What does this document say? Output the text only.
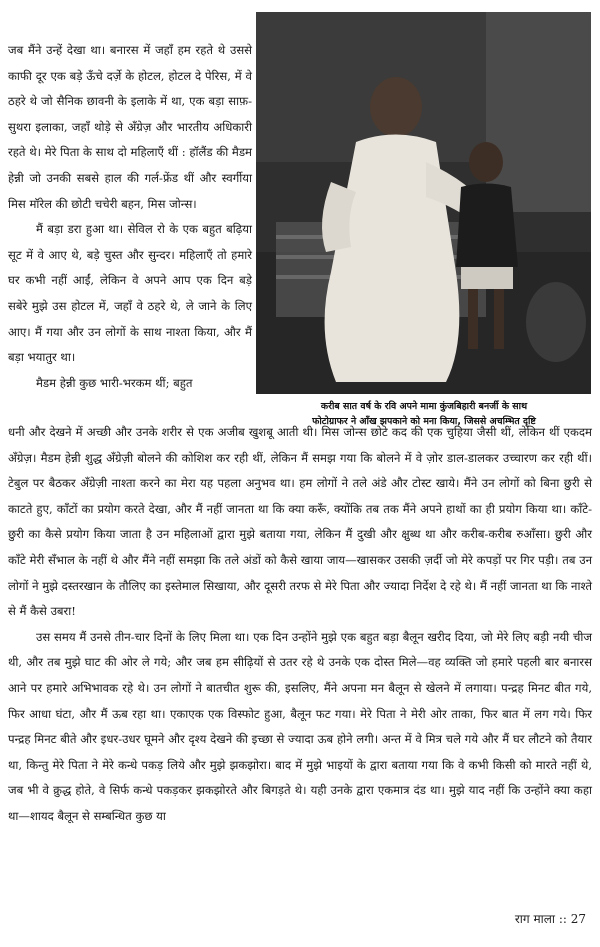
जब मैंने उन्हें देखा था। बनारस में जहाँ हम रहते थे उससे काफी दूर एक बड़े ऊँचे दर्ज़े के होटल, होटल दे पेरिस, में वे ठहरे थे जो सैनिक छावनी के इलाके में था, एक बड़ा साफ़-सुथरा इलाका, जहाँ थोड़े से अँग्रेज़ और भारतीय अधिकारी रहते थे। मेरे पिता के साथ दो महिलाएँ थीं : हॉलैंड की मैडम हेन्नी जो उनकी सबसे हाल की गर्ल-फ्रेंड थीं और स्वर्गीया मिस मॉरेल की छोटी चचेरी बहन, मिस जोन्स।

मैं बड़ा डरा हुआ था। सेविल रो के एक बहुत बढ़िया सूट में वे आए थे, बड़े चुस्त और सुन्दर। महिलाएँ तो हमारे घर कभी नहीं आईं, लेकिन वे अपने आप एक दिन बड़े सबेरे मुझे उस होटल में, जहाँ वे ठहरे थे, ले जाने के लिए आए। मैं गया और उन लोगों के साथ नाश्ता किया, और मैं बड़ा भयातुर था।

मैडम हेन्नी कुछ भारी-भरकम थीं; बहुत

करीब सात वर्ष के रवि अपने मामा कुंजबिहारी बनर्जी के साथ
फोटोग्राफर ने आँख झपकाने को मना किया, जिससे अचम्भित दृष्टि

धनी और देखने में अच्छी और उनके शरीर से एक अजीब खुशबू आती थी। मिस जोन्स छोटे कद की एक चुहिया जैसी थीं, लेकिन थीं एकदम अँग्रेज़। मैडम हेन्नी शुद्ध अँग्रेज़ी बोलने की कोशिश कर रही थीं, लेकिन मैं समझ गया कि बोलने में वे ज़ोर डाल-डालकर उच्चारण कर रही थीं। टेबुल पर बैठकर अँग्रेज़ी नाश्ता करने का मेरा यह पहला अनुभव था। हम लोगों ने तले अंडे और टोस्ट खाये। मैंने उन लोगों को बिना छुरी से काटते हुए, काँटों का प्रयोग करते देखा, और मैं नहीं जानता था कि क्या करूँ, क्योंकि तब तक मैंने अपने हाथों का ही प्रयोग किया था। काँटे-छुरी का कैसे प्रयोग किया जाता है उन महिलाओं द्वारा मुझे बताया गया, लेकिन मैं दुखी और क्षुब्ध था और करीब-करीब रुआँसा। छुरी और काँटे मेरी सँभाल के नहीं थे और मैंने नहीं समझा कि तले अंडों को कैसे खाया जाय—खासकर उसकी ज़र्दी जो मेरे कपड़ों पर गिर पड़ी। तब उन लोगों ने मुझे दस्तरखान के तौलिए का इस्तेमाल सिखाया, और दूसरी तरफ से मेरे पिता और ज्यादा निर्देश दे रहे थे। मैं नहीं जानता था कि नाश्ते से मैं कैसे उबरा!

उस समय मैं उनसे तीन-चार दिनों के लिए मिला था। एक दिन उन्होंने मुझे एक बहुत बड़ा बैलून खरीद दिया, जो मेरे लिए बड़ी नयी चीज थी, और तब मुझे घाट की ओर ले गये; और जब हम सीढ़ियों से उतर रहे थे उनके एक दोस्त मिले—वह व्यक्ति जो हमारे पहली बार बनारस आने पर हमारे अभिभावक रहे थे। उन लोगों ने बातचीत शुरू की, इसलिए, मैंने अपना मन बैलून से खेलने में लगाया। पन्द्रह मिनट बीत गये, फिर आधा घंटा, और मैं ऊब रहा था। एकाएक एक विस्फोट हुआ, बैलून फट गया। मेरे पिता ने मेरी ओर ताका, फिर बात में लग गये। फिर पन्द्रह मिनट बीते और इधर-उधर घूमने और दृश्य देखने की इच्छा से ज्यादा ऊब होने लगी। अन्त में वे मित्र चले गये और मैं घर लौटने को तैयार था, किन्तु मेरे पिता ने मेरे कन्धे पकड़ लिये और मुझे झकझोरा। बाद में मुझे भाइयों के द्वारा बताया गया कि वे कभी किसी को मारते नहीं थे, जब भी वे क्रुद्ध होते, वे सिर्फ कन्धे पकड़कर झकझोरते और बिगड़ते थे। यही उनके द्वारा एकमात्र दंड था। मुझे याद नहीं कि उन्होंने क्या कहा था—शायद बैलून से सम्बन्धित कुछ या

राग माला :: 27
